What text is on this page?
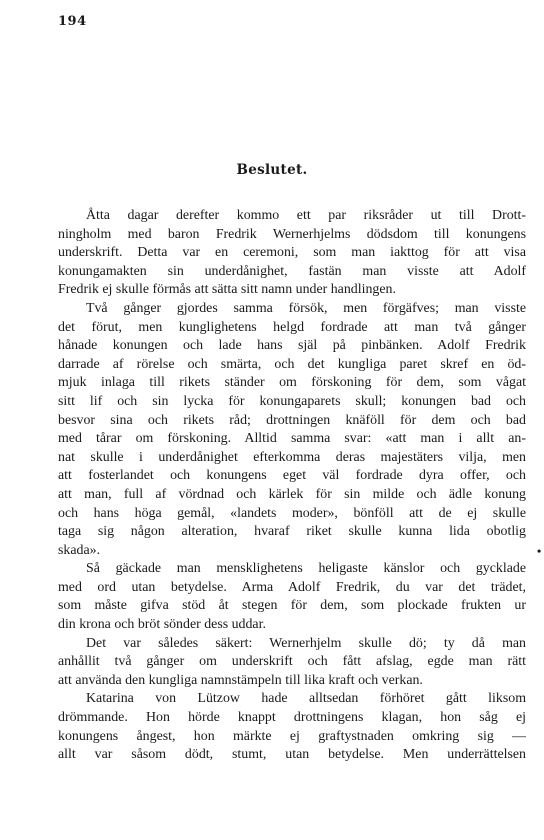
194
Beslutet.

Åtta dagar derefter kommo ett par riksråder ut till Drott-
ningholm med baron Fredrik Wernerhjelms dödsdom till konungens
underskrift. Detta var en ceremoni, som man iakttog för att visa
konungamakten sin underdånighet, fastän man visste att Adolf
Fredrik ej skulle förmås att sätta sitt namn under handlingen.

Två gånger gjordes samma försök, men förgäfves; man visste
det förut, men kunglighetens helgd fordrade att man två gånger
hånade konungen och lade hans själ på pinbänken. Adolf Fredrik
darrade af rörelse och smärta, och det kungliga paret skref en öd-
mjuk inlaga till rikets ständer om förskoning för dem, som vågat
sitt lif och sin lycka för konungaparets skull; konungen bad och
besvor sina och rikets råd; drottningen knäföll för dem och bad
med tårar om förskoning. Alltid samma svar: «att man i allt an-
nat skulle i underdånighet efterkomma deras majestäters vilja, men
att fosterlandet och konungens eget väl fordrade dyra offer, och
att man, full af vördnad och kärlek för sin milde och ädle konung
och hans höga gemål, «landets moder», bönföll att de ej skulle
taga sig någon alteration, hvaraf riket skulle kunna lida obotlig
skada».

Så gäckade man mensklighetens heligaste känslor och gycklade
med ord utan betydelse. Arma Adolf Fredrik, du var det trädet,
som måste gifva stöd åt stegen för dem, som plockade frukten ur
din krona och bröt sönder dess uddar.

Det var således säkert: Wernerhjelm skulle dö; ty då man
anhållit två gånger om underskrift och fått afslag, egde man rätt
att använda den kungliga namnstämpeln till lika kraft och verkan.

Katarina von Lützow hade alltsedan förhöret gått liksom
drömmande. Hon hörde knappt drottningens klagan, hon såg ej
konungens ångest, hon märkte ej graftystnaden omkring sig —
allt var såsom dödt, stumt, utan betydelse. Men underrättelsen

•
